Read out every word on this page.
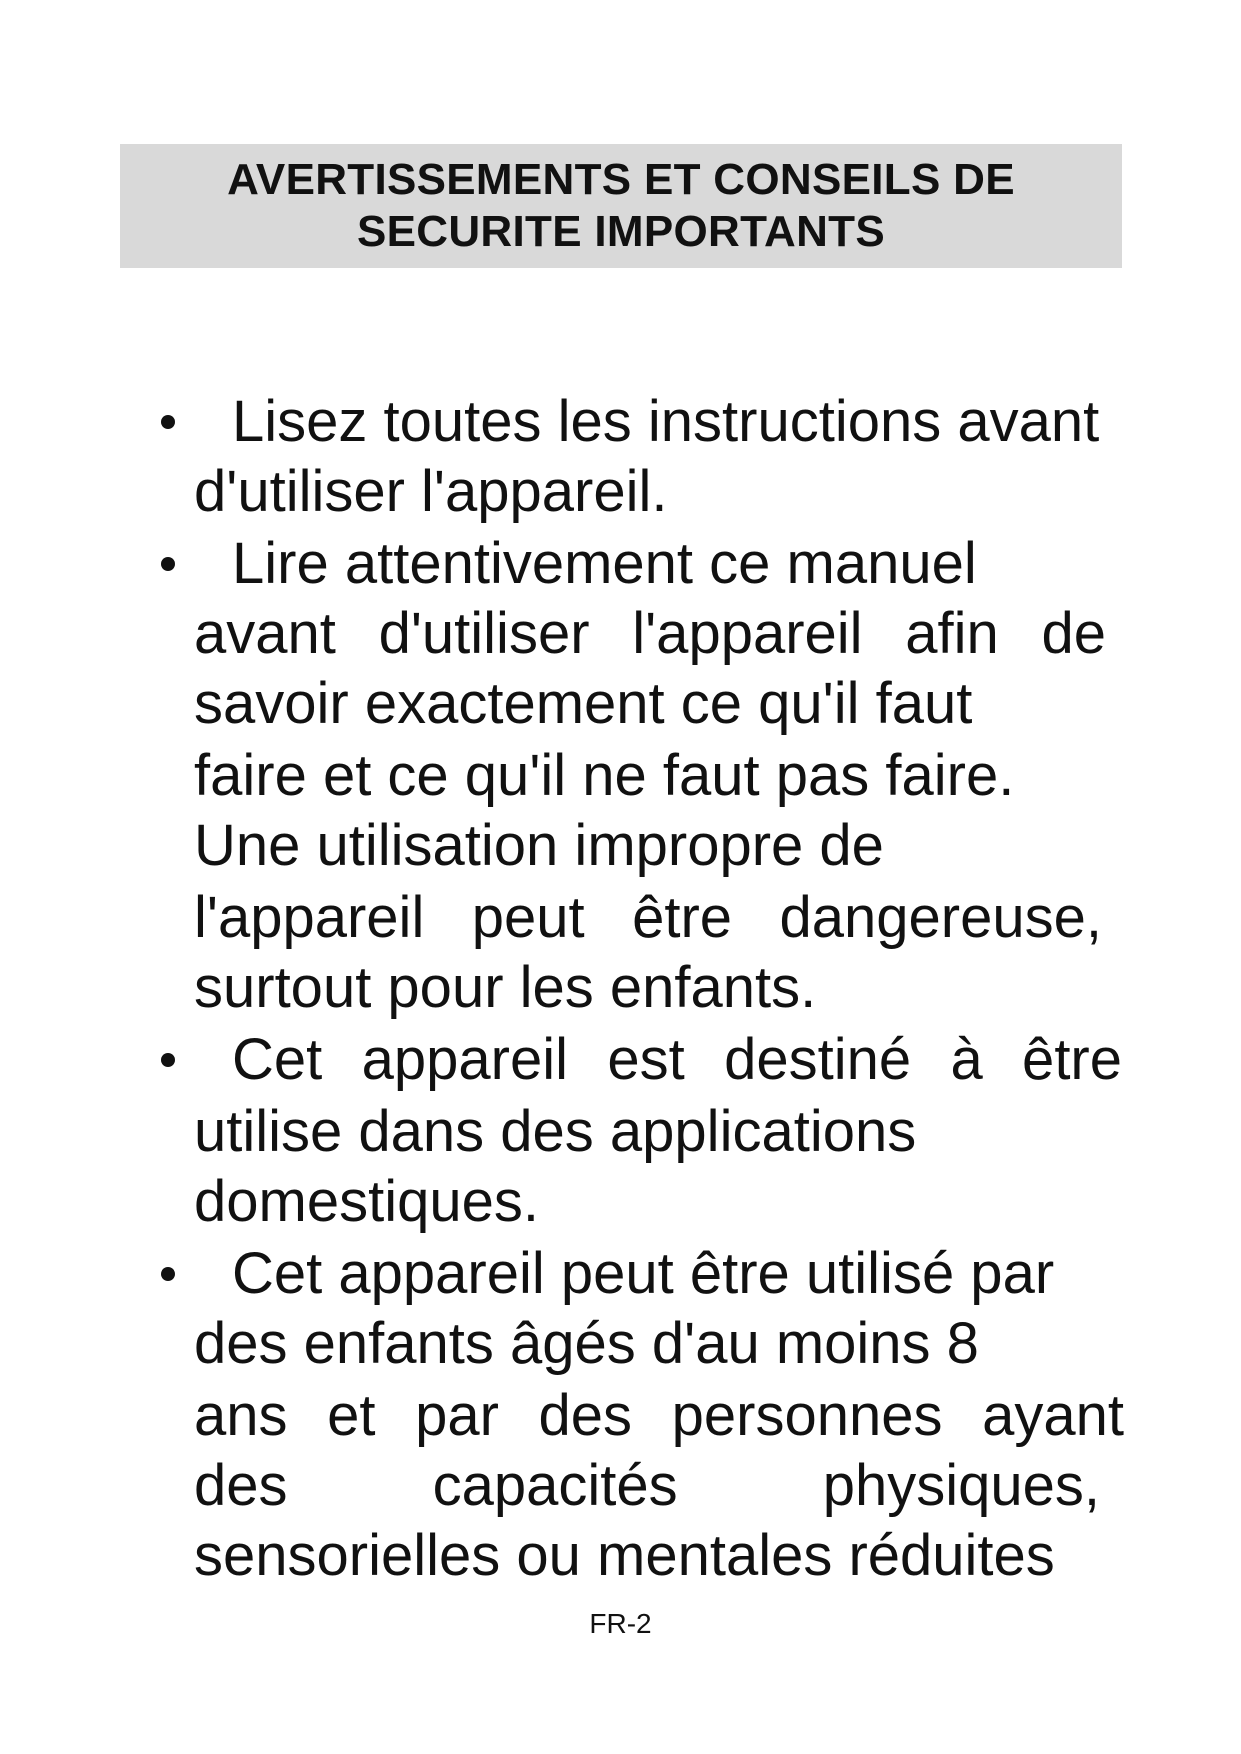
AVERTISSEMENTS ET CONSEILS DE
SECURITE IMPORTANTS
Lisez toutes les instructions avant
d'utiliser l'appareil.
Lire attentivement ce manuel
avant d'utiliser l'appareil afin de
savoir exactement ce qu'il faut
faire et ce qu'il ne faut pas faire.
Une utilisation impropre de
l'appareil peut être dangereuse,
surtout pour les enfants.
Cet appareil est destiné à être
utilise dans des applications
domestiques.
Cet appareil peut être utilisé par
des enfants âgés d'au moins 8
ans et par des personnes ayant
des capacités physiques,
sensorielles ou mentales réduites
FR-2
